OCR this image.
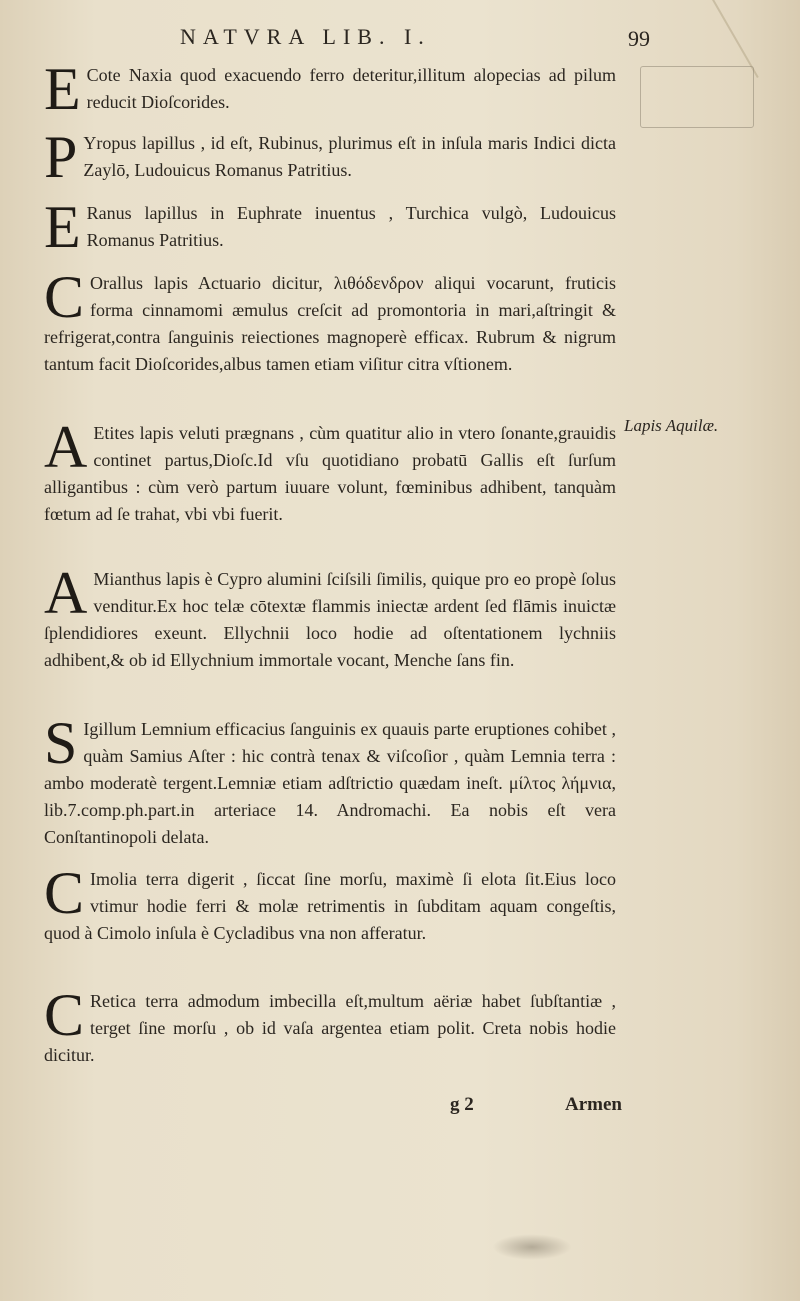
NATVRA LIB. I.	99
Lapis Aquilæ.

E Cote Naxia quod exacuendo ferro deteritur,illitum alopecias ad pilum reducit Dioſcorides.

P Yropus lapillus , id eſt, Rubinus, plurimus eſt in inſula maris Indici dicta Zaylō, Ludouicus Romanus Patritius.

E Ranus lapillus in Euphrate inuentus , Turchica vulgò, Ludouicus Romanus Patritius.

C Orallus lapis Actuario dicitur, λιθόδενδρον aliqui vocarunt, fruticis forma cinnamomi æmulus creſcit ad promontoria in mari,aſtringit & refrigerat,contra ſanguinis reiectiones magnoperè efficax. Rubrum & nigrum tantum facit Dioſcorides,albus tamen etiam viſitur citra vſtionem.

A Etites lapis veluti prægnans , cùm quatitur alio in vtero ſonante,grauidis continet partus,Dioſc.Id vſu quotidiano probatū Gallis eſt ſurſum alligantibus : cùm verò partum iuuare volunt, fœminibus adhibent, tanquàm fœtum ad ſe trahat, vbi vbi fuerit.

A Mianthus lapis è Cypro alumini ſciſsili ſimilis, quique pro eo propè ſolus venditur.Ex hoc telæ cōtextæ flammis iniectæ ardent ſed flāmis inuictæ ſplendidiores exeunt. Ellychnii loco hodie ad oſtentationem lychniis adhibent,& ob id Ellychnium immortale vocant, Menche ſans fin.

S Igillum Lemnium efficacius ſanguinis ex quauis parte eruptiones cohibet , quàm Samius Aſter : hic contrà tenax & viſcoſior , quàm Lemnia terra : ambo moderatè tergent.Lemniæ etiam adſtrictio quædam ineſt. μίλτος λήμνια, lib.7.comp.ph.part.in arteriace 14. Andromachi. Ea nobis eſt vera Conſtantinopoli delata.

C Imolia terra digerit , ſiccat ſine morſu, maximè ſi elota ſit.Eius loco vtimur hodie ferri & molæ retrimentis in ſubditam aquam congeſtis, quod à Cimolo inſula è Cycladibus vna non afferatur.

C Retica terra admodum imbecilla eſt,multum aëriæ habet ſubſtantiæ , terget ſine morſu , ob id vaſa argentea etiam polit. Creta nobis hodie dicitur.

g 2	Armen
